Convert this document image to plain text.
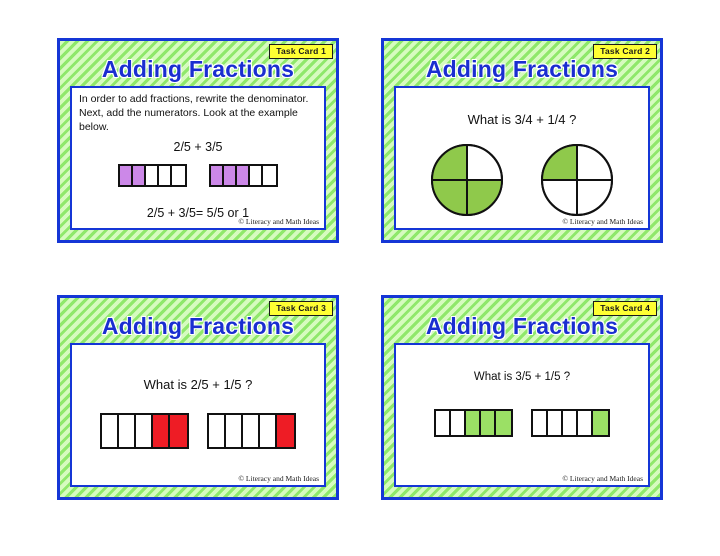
Task Card 1
Adding Fractions
In order to add fractions, rewrite the denominator. Next, add the numerators. Look at the example below.
2/5 + 3/5
2/5 + 3/5= 5/5 or 1
© Literacy and Math Ideas
Task Card 2
Adding Fractions
What is 3/4 + 1/4 ?
© Literacy and Math Ideas
Task Card 3
Adding Fractions
What is 2/5 + 1/5 ?
© Literacy and Math Ideas
Task Card 4
Adding Fractions
What is 3/5 + 1/5 ?
© Literacy and Math Ideas
